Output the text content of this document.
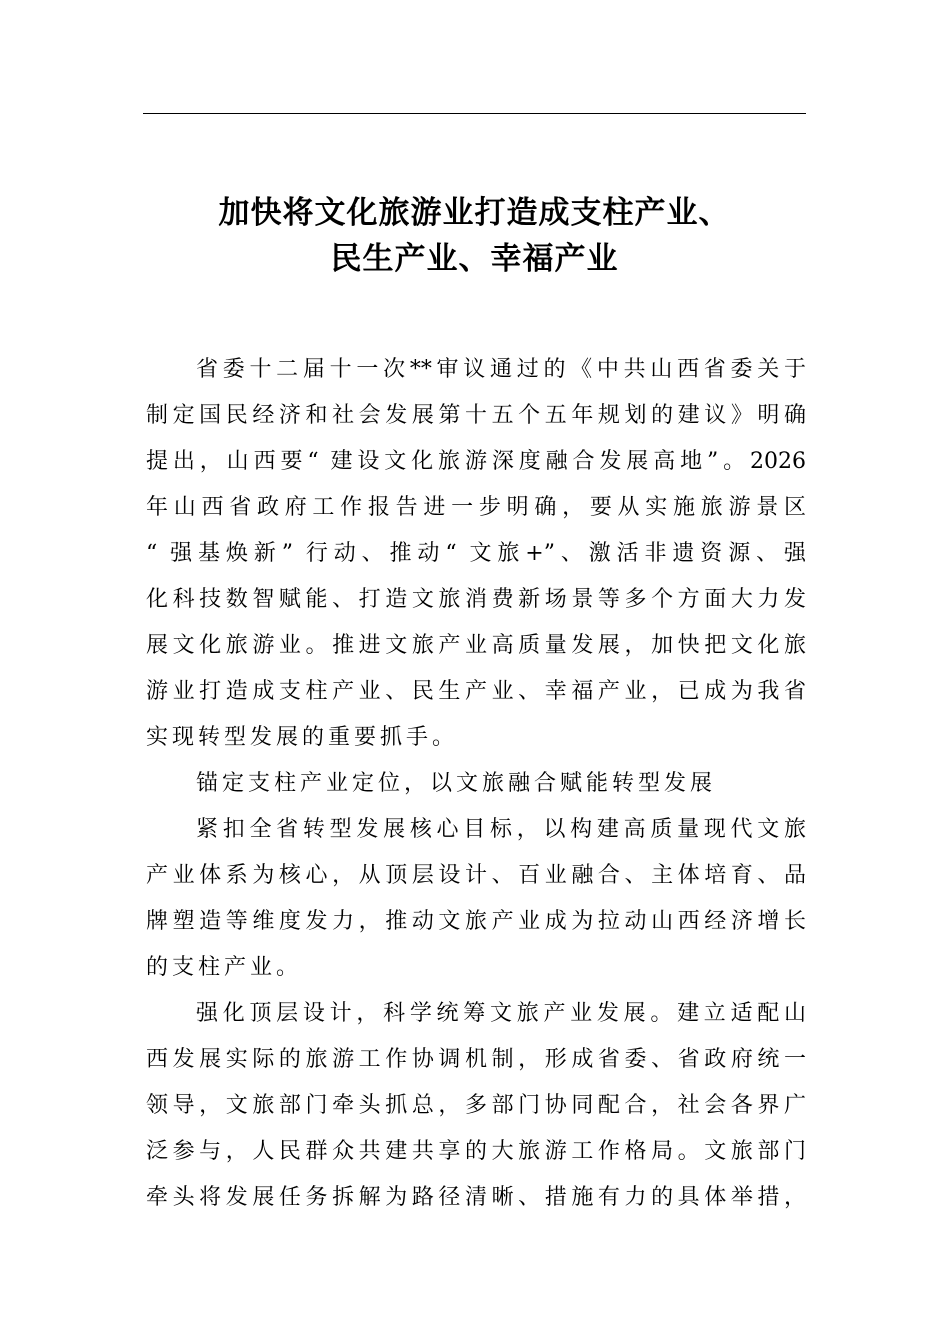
加快将文化旅游业打造成支柱产业、
民生产业、幸福产业
省委十二届十一次**审议通过的《中共山西省委关于
制定国民经济和社会发展第十五个五年规划的建议》明确
提出，山西要“ 建设文化旅游深度融合发展高地”。2026
年山西省政府工作报告进一步明确，要从实施旅游景区
“ 强基焕新” 行动、推动“ 文旅+”、激活非遗资源、强
化科技数智赋能、打造文旅消费新场景等多个方面大力发
展文化旅游业。推进文旅产业高质量发展，加快把文化旅
游业打造成支柱产业、民生产业、幸福产业，已成为我省
实现转型发展的重要抓手。
锚定支柱产业定位，以文旅融合赋能转型发展
紧扣全省转型发展核心目标，以构建高质量现代文旅
产业体系为核心，从顶层设计、百业融合、主体培育、品
牌塑造等维度发力，推动文旅产业成为拉动山西经济增长
的支柱产业。
强化顶层设计，科学统筹文旅产业发展。建立适配山
西发展实际的旅游工作协调机制，形成省委、省政府统一
领导，文旅部门牵头抓总，多部门协同配合，社会各界广
泛参与，人民群众共建共享的大旅游工作格局。文旅部门
牵头将发展任务拆解为路径清晰、措施有力的具体举措，
